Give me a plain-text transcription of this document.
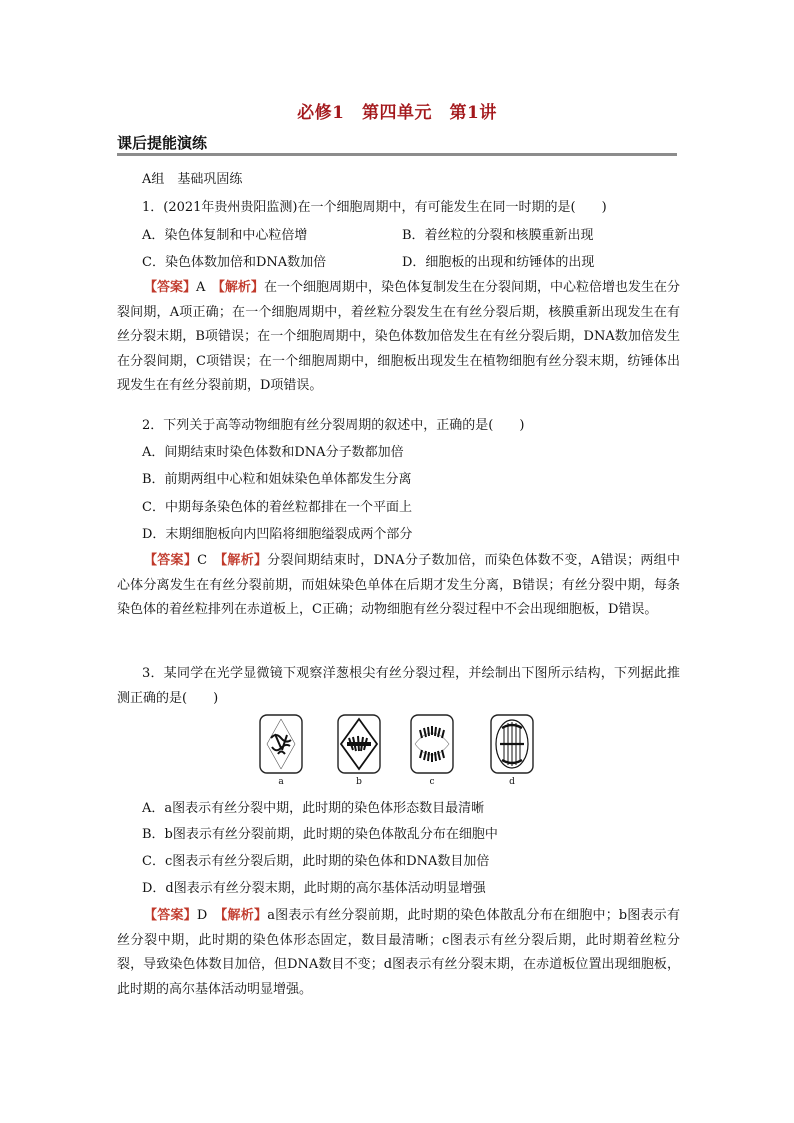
必修1　第四单元　第1讲
课后提能演练
A组　基础巩固练
1．(2021年贵州贵阳监测)在一个细胞周期中，有可能发生在同一时期的是(　　)
A．染色体复制和中心粒倍增	B．着丝粒的分裂和核膜重新出现
C．染色体数加倍和DNA数加倍	D．细胞板的出现和纺锤体的出现
【答案】A　 【解析】在一个细胞周期中，染色体复制发生在分裂间期，中心粒倍增也发生在分裂间期，A项正确；在一个细胞周期中，着丝粒分裂发生在有丝分裂后期，核膜重新出现发生在有丝分裂末期，B项错误；在一个细胞周期中，染色体数加倍发生在有丝分裂后期，DNA数加倍发生在分裂间期，C项错误；在一个细胞周期中，细胞板出现发生在植物细胞有丝分裂末期，纺锤体出现发生在有丝分裂前期，D项错误。
2．下列关于高等动物细胞有丝分裂周期的叙述中，正确的是(　　)
A．间期结束时染色体数和DNA分子数都加倍
B．前期两组中心粒和姐妹染色单体都发生分离
C．中期每条染色体的着丝粒都排在一个平面上
D．末期细胞板向内凹陷将细胞缢裂成两个部分
【答案】C　 【解析】分裂间期结束时，DNA分子数加倍，而染色体数不变，A错误；两组中心体分离发生在有丝分裂前期，而姐妹染色单体在后期才发生分离，B错误；有丝分裂中期，每条染色体的着丝粒排列在赤道板上，C正确；动物细胞有丝分裂过程中不会出现细胞板，D错误。
3．某同学在光学显微镜下观察洋葱根尖有丝分裂过程，并绘制出下图所示结构，下列据此推测正确的是(　　)
a	b	c	d
A．a图表示有丝分裂中期，此时期的染色体形态数目最清晰
B．b图表示有丝分裂前期，此时期的染色体散乱分布在细胞中
C．c图表示有丝分裂后期，此时期的染色体和DNA数目加倍
D．d图表示有丝分裂末期，此时期的高尔基体活动明显增强
【答案】D　 【解析】a图表示有丝分裂前期，此时期的染色体散乱分布在细胞中；b图表示有丝分裂中期，此时期的染色体形态固定，数目最清晰；c图表示有丝分裂后期，此时期着丝粒分裂，导致染色体数目加倍，但DNA数目不变；d图表示有丝分裂末期，在赤道板位置出现细胞板，此时期的高尔基体活动明显增强。
